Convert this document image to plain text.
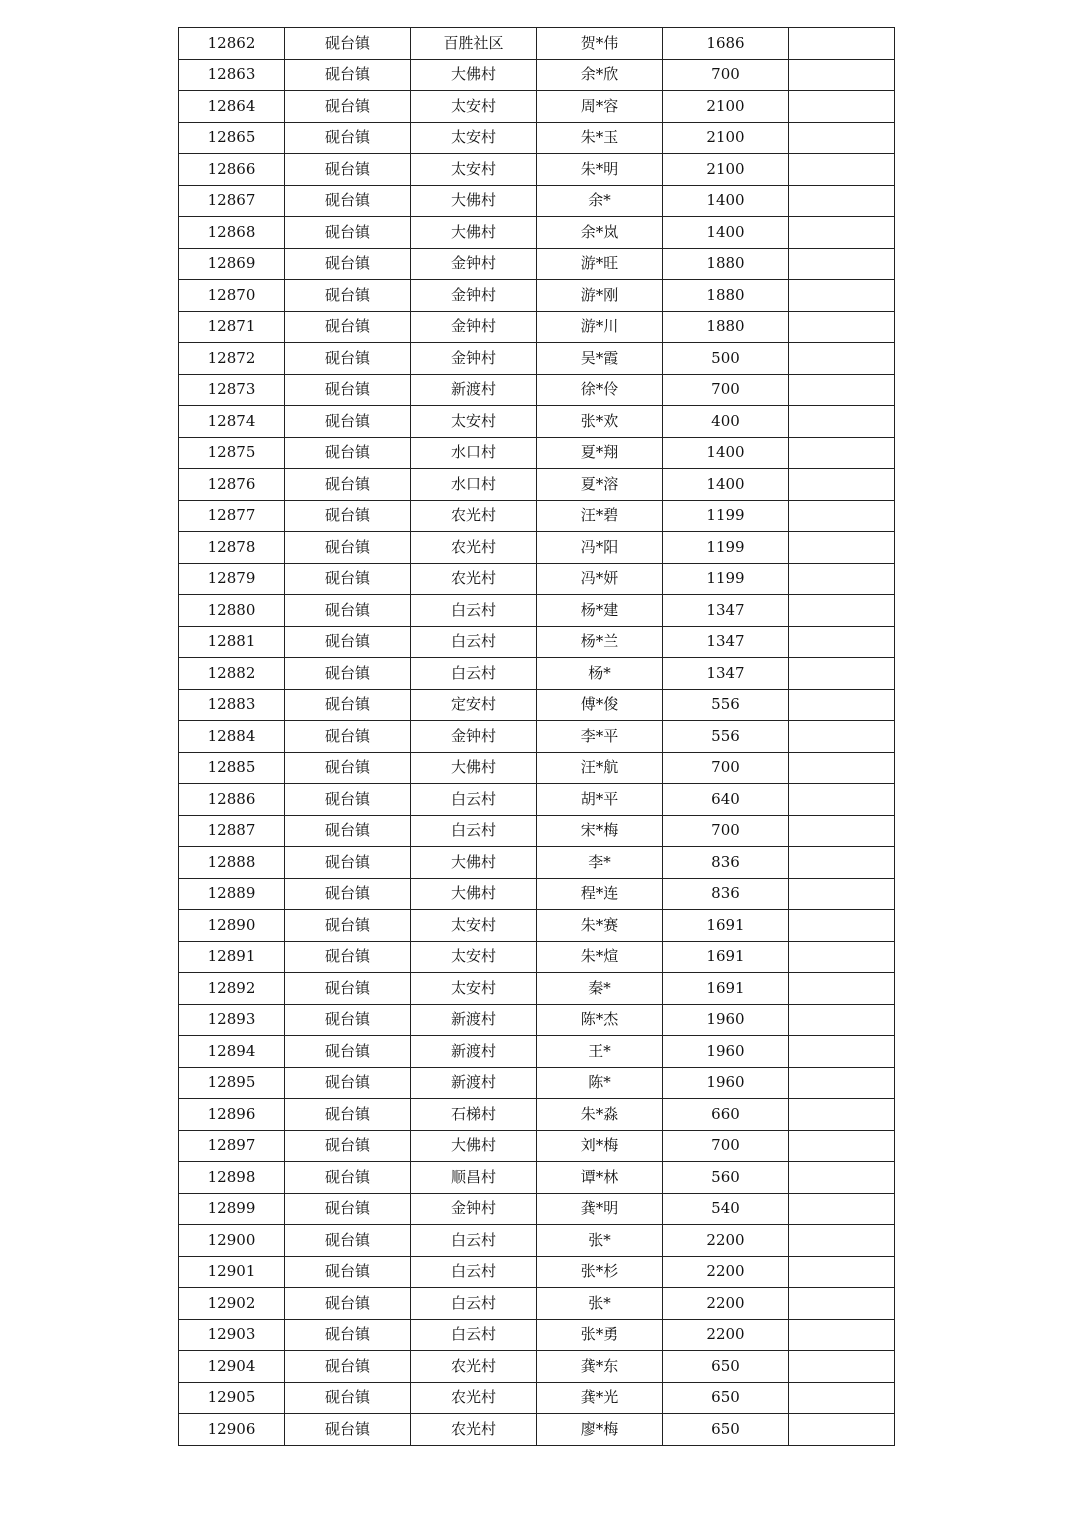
12862	砚台镇	百胜社区	贺*伟	1686	
12863	砚台镇	大佛村	余*欣	700	
12864	砚台镇	太安村	周*容	2100	
12865	砚台镇	太安村	朱*玉	2100	
12866	砚台镇	太安村	朱*明	2100	
12867	砚台镇	大佛村	余*	1400	
12868	砚台镇	大佛村	余*岚	1400	
12869	砚台镇	金钟村	游*旺	1880	
12870	砚台镇	金钟村	游*刚	1880	
12871	砚台镇	金钟村	游*川	1880	
12872	砚台镇	金钟村	吴*霞	500	
12873	砚台镇	新渡村	徐*伶	700	
12874	砚台镇	太安村	张*欢	400	
12875	砚台镇	水口村	夏*翔	1400	
12876	砚台镇	水口村	夏*溶	1400	
12877	砚台镇	农光村	汪*碧	1199	
12878	砚台镇	农光村	冯*阳	1199	
12879	砚台镇	农光村	冯*妍	1199	
12880	砚台镇	白云村	杨*建	1347	
12881	砚台镇	白云村	杨*兰	1347	
12882	砚台镇	白云村	杨*	1347	
12883	砚台镇	定安村	傅*俊	556	
12884	砚台镇	金钟村	李*平	556	
12885	砚台镇	大佛村	汪*航	700	
12886	砚台镇	白云村	胡*平	640	
12887	砚台镇	白云村	宋*梅	700	
12888	砚台镇	大佛村	李*	836	
12889	砚台镇	大佛村	程*连	836	
12890	砚台镇	太安村	朱*赛	1691	
12891	砚台镇	太安村	朱*煊	1691	
12892	砚台镇	太安村	秦*	1691	
12893	砚台镇	新渡村	陈*杰	1960	
12894	砚台镇	新渡村	王*	1960	
12895	砚台镇	新渡村	陈*	1960	
12896	砚台镇	石梯村	朱*淼	660	
12897	砚台镇	大佛村	刘*梅	700	
12898	砚台镇	顺昌村	谭*林	560	
12899	砚台镇	金钟村	龚*明	540	
12900	砚台镇	白云村	张*	2200	
12901	砚台镇	白云村	张*杉	2200	
12902	砚台镇	白云村	张*	2200	
12903	砚台镇	白云村	张*勇	2200	
12904	砚台镇	农光村	龚*东	650	
12905	砚台镇	农光村	龚*光	650	
12906	砚台镇	农光村	廖*梅	650	
